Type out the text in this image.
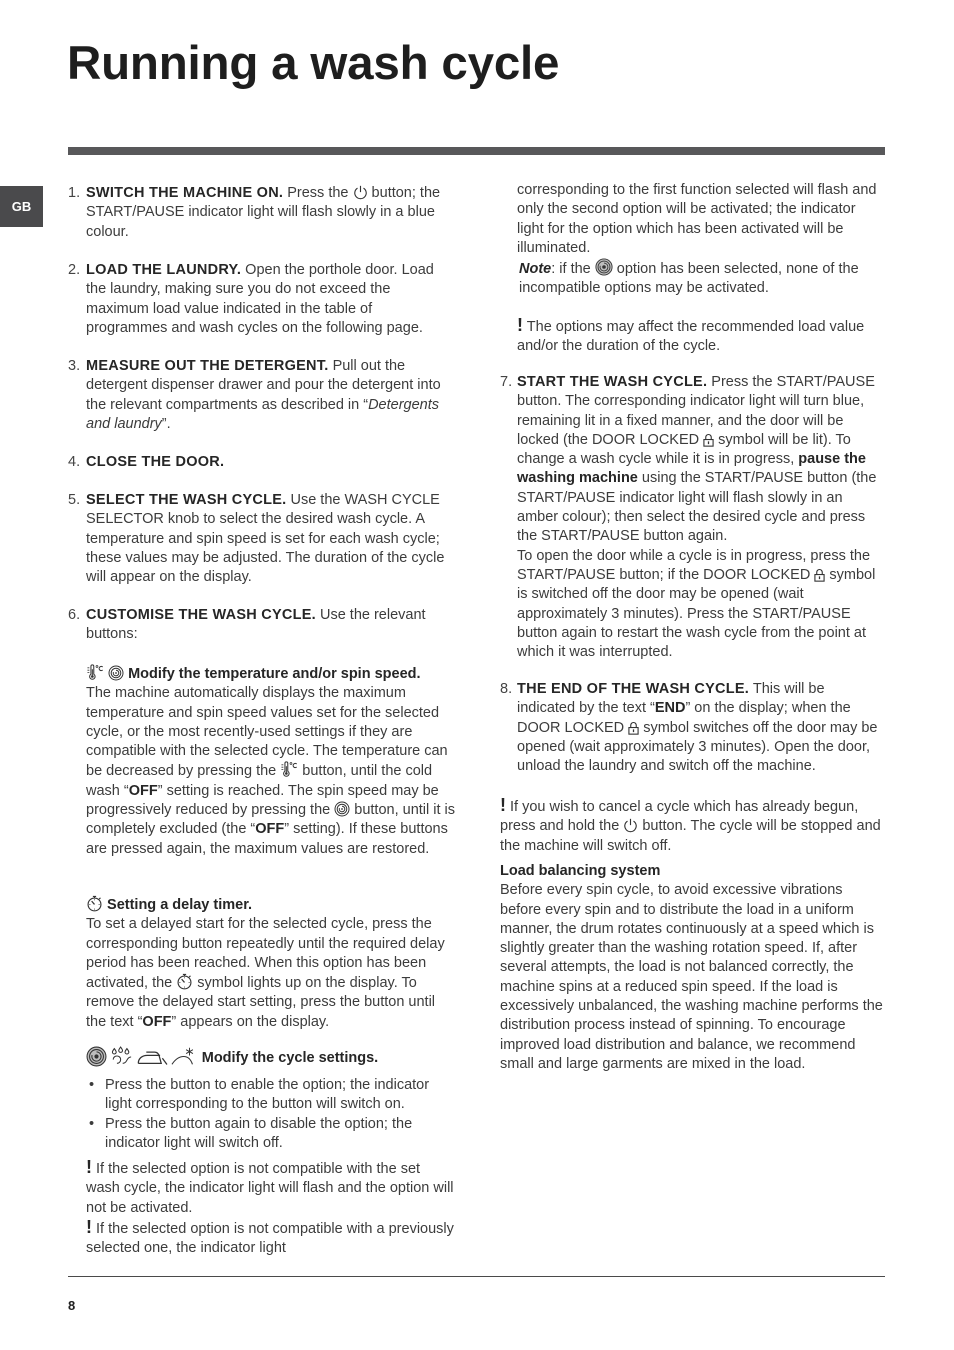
Running a wash cycle
GB
1. SWITCH THE MACHINE ON. Press the
button; the START/PAUSE indicator light will flash slowly in a blue colour.
2. LOAD THE LAUNDRY. Open the porthole door. Load the laundry, making sure you do not exceed the maximum load value indicated in the table of programmes and wash cycles on the following page.
3. MEASURE OUT THE DETERGENT. Pull out the detergent dispenser drawer and pour the detergent into the relevant compartments as described in “Detergents and laundry”.
4. CLOSE THE DOOR.
5. SELECT THE WASH CYCLE. Use the WASH CYCLE SELECTOR knob to select the desired wash cycle. A temperature and spin speed is set for each wash cycle; these values may be adjusted. The duration of the cycle will appear on the display.
6. CUSTOMISE THE WASH CYCLE. Use the relevant buttons:

Modify the temperature and/or spin speed.
The machine automatically displays the maximum temperature and spin speed values set for the selected cycle, or the most recently-used settings if they are compatible with the selected cycle. The temperature can be decreased by pressing the
button, until the cold wash “OFF” setting is reached. The spin speed may be progressively reduced by pressing the
button, until it is completely excluded (the “OFF” setting). If these buttons are pressed again, the maximum values are restored.
Setting a delay timer.
To set a delayed start for the selected cycle, press the corresponding button repeatedly until the required delay period has been reached. When this option has been activated, the
symbol lights up on the display. To remove the delayed start setting, press the button until the text “OFF” appears on the display.
Modify the cycle settings.
• Press the button to enable the option; the indicator light corresponding to the button will switch on.
• Press the button again to disable the option; the indicator light will switch off.
! If the selected option is not compatible with the set wash cycle, the indicator light will flash and the option will not be activated.
! If the selected option is not compatible with a previously selected one, the indicator light
corresponding to the first function selected will flash and only the second option will be activated; the indicator light for the option which has been activated will be illuminated.
Note: if the
option has been selected, none of the incompatible options may be activated.
! The options may affect the recommended load value and/or the duration of the cycle.
7. START THE WASH CYCLE. Press the START/PAUSE button. The corresponding indicator light will turn blue, remaining lit in a fixed manner, and the door will be locked (the DOOR LOCKED
symbol will be lit). To change a wash cycle while it is in progress, pause the washing machine using the START/PAUSE button (the START/PAUSE indicator light will flash slowly in an amber colour); then select the desired cycle and press the START/PAUSE button again.
To open the door while a cycle is in progress, press the START/PAUSE button; if the DOOR LOCKED
symbol is switched off the door may be opened (wait approximately 3 minutes). Press the START/PAUSE button again to restart the wash cycle from the point at which it was interrupted.
8. THE END OF THE WASH CYCLE. This will be indicated by the text “END” on the display; when the DOOR LOCKED
symbol switches off the door may be opened (wait approximately 3 minutes). Open the door, unload the laundry and switch off the machine.
! If you wish to cancel a cycle which has already begun, press and hold the
button. The cycle will be stopped and the machine will switch off.
Load balancing system
Before every spin cycle, to avoid excessive vibrations before every spin and to distribute the load in a uniform manner, the drum rotates continuously at a speed which is slightly greater than the washing rotation speed. If, after several attempts, the load is not balanced correctly, the machine spins at a reduced spin speed. If the load is excessively unbalanced, the washing machine performs the distribution process instead of spinning. To encourage improved load distribution and balance, we recommend small and large garments are mixed in the load.
8
